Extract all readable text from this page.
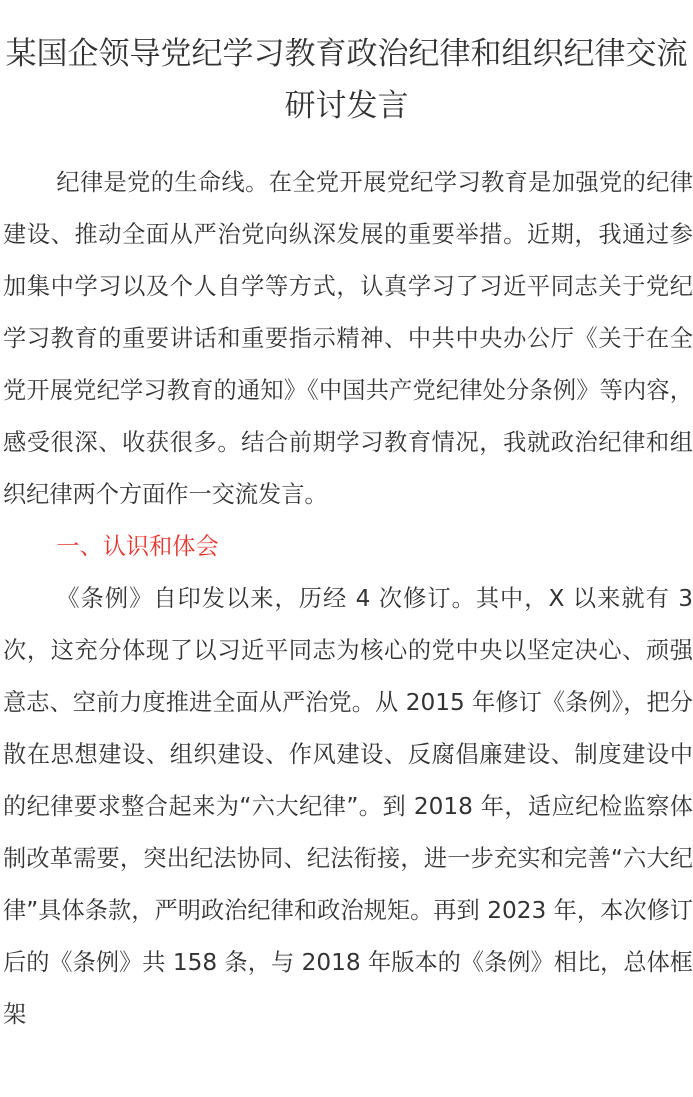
某国企领导党纪学习教育政治纪律和组织纪律交流研讨发言

纪律是党的生命线。在全党开展党纪学习教育是加强党的纪律建设、推动全面从严治党向纵深发展的重要举措。近期，我通过参加集中学习以及个人自学等方式，认真学习了习近平同志关于党纪学习教育的重要讲话和重要指示精神、中共中央办公厅《关于在全党开展党纪学习教育的通知》《中国共产党纪律处分条例》等内容，感受很深、收获很多。结合前期学习教育情况，我就政治纪律和组织纪律两个方面作一交流发言。

一、认识和体会

《条例》自印发以来，历经 4 次修订。其中，X 以来就有 3 次，这充分体现了以习近平同志为核心的党中央以坚定决心、顽强意志、空前力度推进全面从严治党。从 2015 年修订《条例》，把分散在思想建设、组织建设、作风建设、反腐倡廉建设、制度建设中的纪律要求整合起来为“六大纪律”。到 2018 年，适应纪检监察体制改革需要，突出纪法协同、纪法衔接，进一步充实和完善“六大纪律”具体条款，严明政治纪律和政治规矩。再到 2023 年，本次修订后的《条例》共 158 条，与 2018 年版本的《条例》相比，总体框架
